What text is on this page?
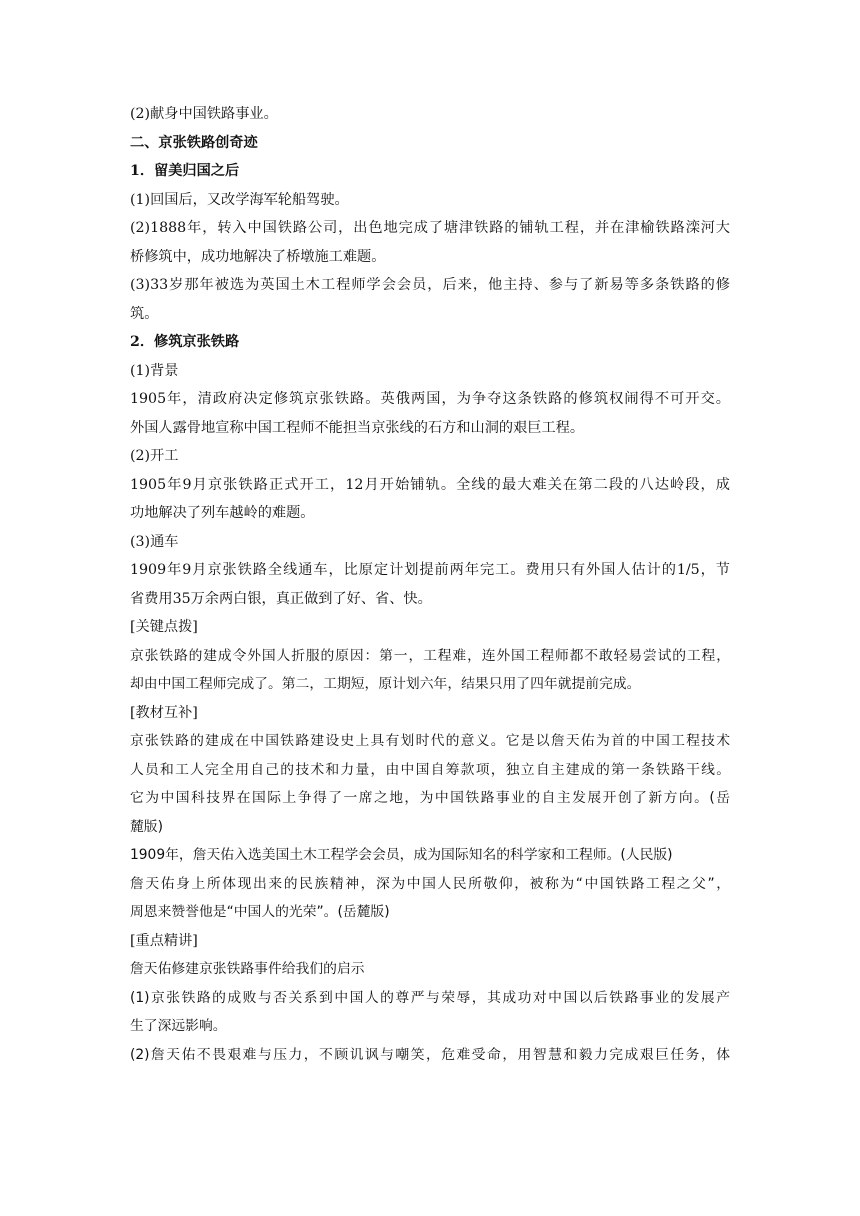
(2)献身中国铁路事业。
二、京张铁路创奇迹
1．留美归国之后
(1)回国后，又改学海军轮船驾驶。
(2)1888年，转入中国铁路公司，出色地完成了塘津铁路的铺轨工程，并在津榆铁路滦河大
桥修筑中，成功地解决了桥墩施工难题。
(3)33岁那年被选为英国土木工程师学会会员，后来，他主持、参与了新易等多条铁路的修
筑。
2．修筑京张铁路
(1)背景
1905年，清政府决定修筑京张铁路。英俄两国，为争夺这条铁路的修筑权闹得不可开交。
外国人露骨地宣称中国工程师不能担当京张线的石方和山洞的艰巨工程。
(2)开工
1905年9月京张铁路正式开工，12月开始铺轨。全线的最大难关在第二段的八达岭段，成
功地解决了列车越岭的难题。
(3)通车
1909年9月京张铁路全线通车，比原定计划提前两年完工。费用只有外国人估计的1/5，节
省费用35万余两白银，真正做到了好、省、快。
[关键点拨]
京张铁路的建成令外国人折服的原因：第一，工程难，连外国工程师都不敢轻易尝试的工程，
却由中国工程师完成了。第二，工期短，原计划六年，结果只用了四年就提前完成。
[教材互补]
京张铁路的建成在中国铁路建设史上具有划时代的意义。它是以詹天佑为首的中国工程技术
人员和工人完全用自己的技术和力量，由中国自筹款项，独立自主建成的第一条铁路干线。
它为中国科技界在国际上争得了一席之地，为中国铁路事业的自主发展开创了新方向。(岳
麓版)
1909年，詹天佑入选美国土木工程学会会员，成为国际知名的科学家和工程师。(人民版)
詹天佑身上所体现出来的民族精神，深为中国人民所敬仰，被称为“中国铁路工程之父”，
周恩来赞誉他是“中国人的光荣”。(岳麓版)
[重点精讲]
詹天佑修建京张铁路事件给我们的启示
(1)京张铁路的成败与否关系到中国人的尊严与荣辱，其成功对中国以后铁路事业的发展产
生了深远影响。
(2)詹天佑不畏艰难与压力，不顾讥讽与嘲笑，危难受命，用智慧和毅力完成艰巨任务，体
